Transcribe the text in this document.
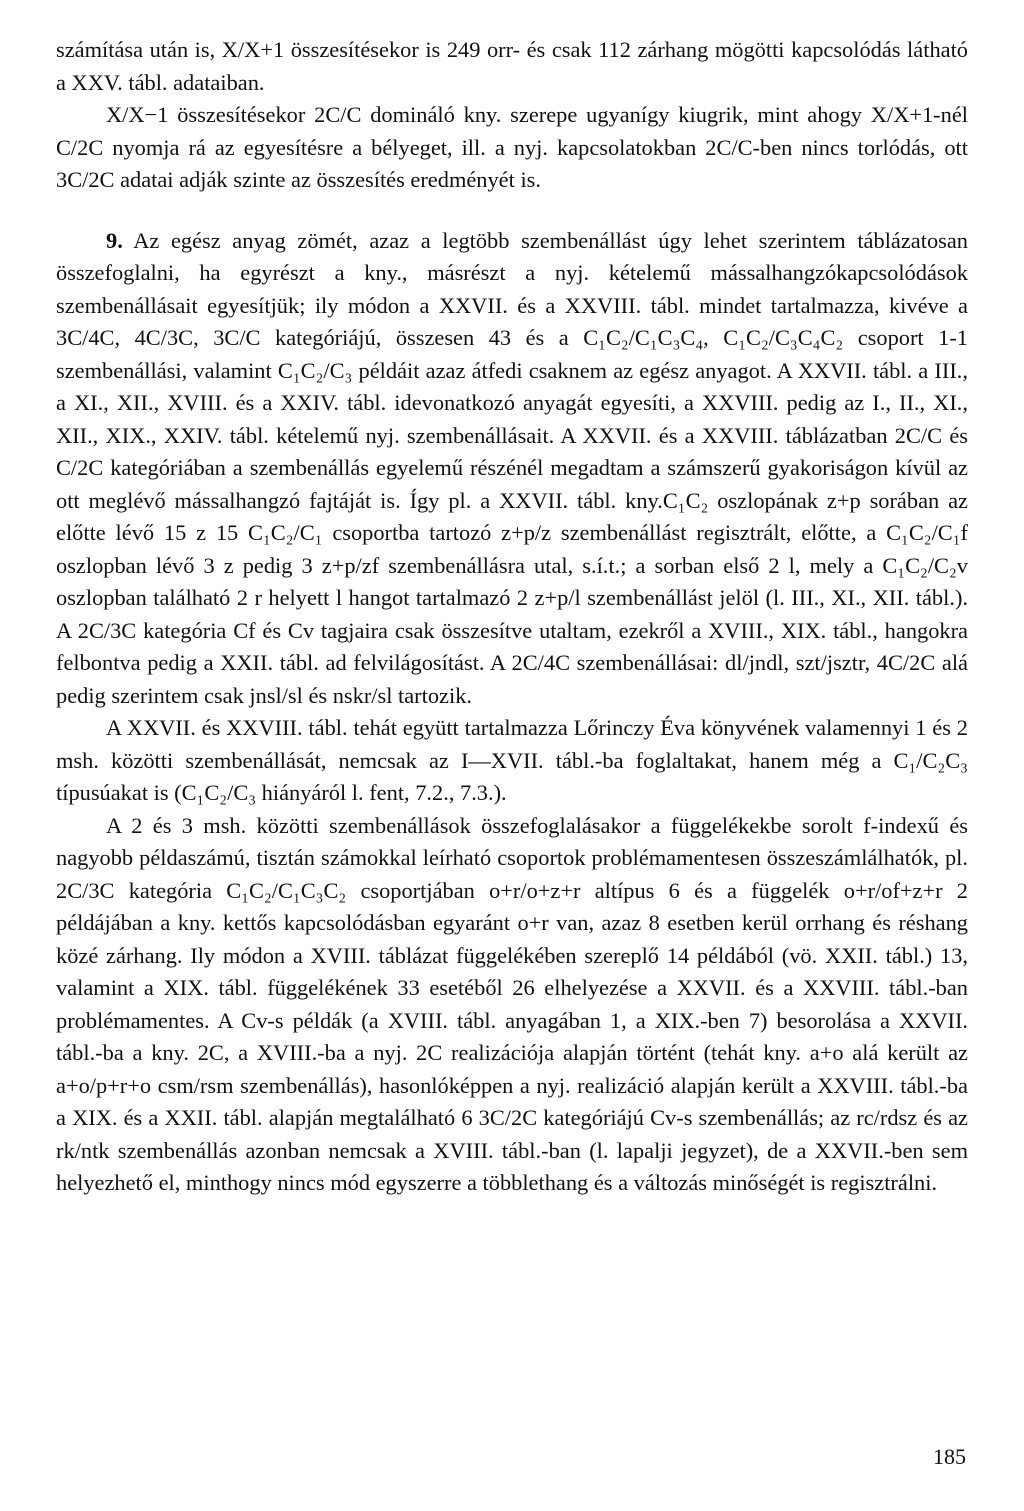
számítása után is, X/X+1 összesítésekor is 249 orr- és csak 112 zárhang mögötti kapcsolódás látható a XXV. tábl. adataiban.

X/X−1 összesítésekor 2C/C domináló kny. szerepe ugyanígy kiugrik, mint ahogy X/X+1-nél C/2C nyomja rá az egyesítésre a bélyeget, ill. a nyj. kapcsolatokban 2C/C-ben nincs torlódás, ott 3C/2C adatai adják szinte az összesítés eredményét is.

9. Az egész anyag zömét, azaz a legtöbb szembenállást úgy lehet szerintem táblázatosan összefoglalni, ha egyrészt a kny., másrészt a nyj. kételemű mássalhangzókapcsolódások szembenállásait egyesítjük; ily módon a XXVII. és a XXVIII. tábl. mindet tartalmazza, kivéve a 3C/4C, 4C/3C, 3C/C kategóriájú, összesen 43 és a C₁C₂/C₁C₃C₄, C₁C₂/C₃C₄C₂ csoport 1-1 szembenállási, valamint C₁C₂/C₃ példáit azaz átfedi csaknem az egész anyagot. A XXVII. tábl. a III., a XI., XII., XVIII. és a XXIV. tábl. idevonatkozó anyagát egyesíti, a XXVIII. pedig az I., II., XI., XII., XIX., XXIV. tábl. kételemű nyj. szembenállásait. A XXVII. és a XXVIII. táblázatban 2C/C és C/2C kategóriában a szembenállás egyelemű részénél megadtam a számszerű gyakoriságon kívül az ott meglévő mássalhangzó fajtáját is. Így pl. a XXVII. tábl. kny.C₁C₂ oszlopának z+p sorában az előtte lévő 15 z 15 C₁C₂/C₁ csoportba tartozó z+p/z szembenállást regisztrált, előtte, a C₁C₂/C₁f oszlopban lévő 3 z pedig 3 z+p/zf szembenállásra utal, s.í.t.; a sorban első 2 l, mely a C₁C₂/C₂v oszlopban található 2 r helyett l hangot tartalmazó 2 z+p/l szembenállást jelöl (l. III., XI., XII. tábl.). A 2C/3C kategória Cf és Cv tagjaira csak összesítve utaltam, ezekről a XVIII., XIX. tábl., hangokra felbontva pedig a XXII. tábl. ad felvilágosítást. A 2C/4C szembenállásai: dl/jndl, szt/jsztr, 4C/2C alá pedig szerintem csak jnsl/sl és nskr/sl tartozik.

A XXVII. és XXVIII. tábl. tehát együtt tartalmazza Lőrinczy Éva könyvének valamennyi 1 és 2 msh. közötti szembenállását, nemcsak az I—XVII. tábl.-ba foglaltakat, hanem még a C₁/C₂C₃ típusúakat is (C₁C₂/C₃ hiányáról l. fent, 7.2., 7.3.).

A 2 és 3 msh. közötti szembenállások összefoglalásakor a függelékekbe sorolt f-indexű és nagyobb példaszámú, tisztán számokkal leírható csoportok problémamentesen összeszámlálhatók, pl. 2C/3C kategória C₁C₂/C₁C₃C₂ csoportjában o+r/o+z+r altípus 6 és a függelék o+r/of+z+r 2 példájában a kny. kettős kapcsolódásban egyaránt o+r van, azaz 8 esetben kerül orrhang és réshang közé zárhang. Ily módon a XVIII. táblázat függelékében szereplő 14 példából (vö. XXII. tábl.) 13, valamint a XIX. tábl. függelékének 33 esetéből 26 elhelyezése a XXVII. és a XXVIII. tábl.-ban problémamentes. A Cv-s példák (a XVIII. tábl. anyagában 1, a XIX.-ben 7) besorolása a XXVII. tábl.-ba a kny. 2C, a XVIII.-ba a nyj. 2C realizációja alapján történt (tehát kny. a+o alá került az a+o/p+r+o csm/rsm szembenállás), hasonlóképpen a nyj. realizáció alapján került a XXVIII. tábl.-ba a XIX. és a XXII. tábl. alapján megtalálható 6 3C/2C kategóriájú Cv-s szembenállás; az rc/rdsz és az rk/ntk szembenállás azonban nemcsak a XVIII. tábl.-ban (l. lapalji jegyzet), de a XXVII.-ben sem helyezhető el, minthogy nincs mód egyszerre a többlethang és a változás minőségét is regisztrálni.

185
